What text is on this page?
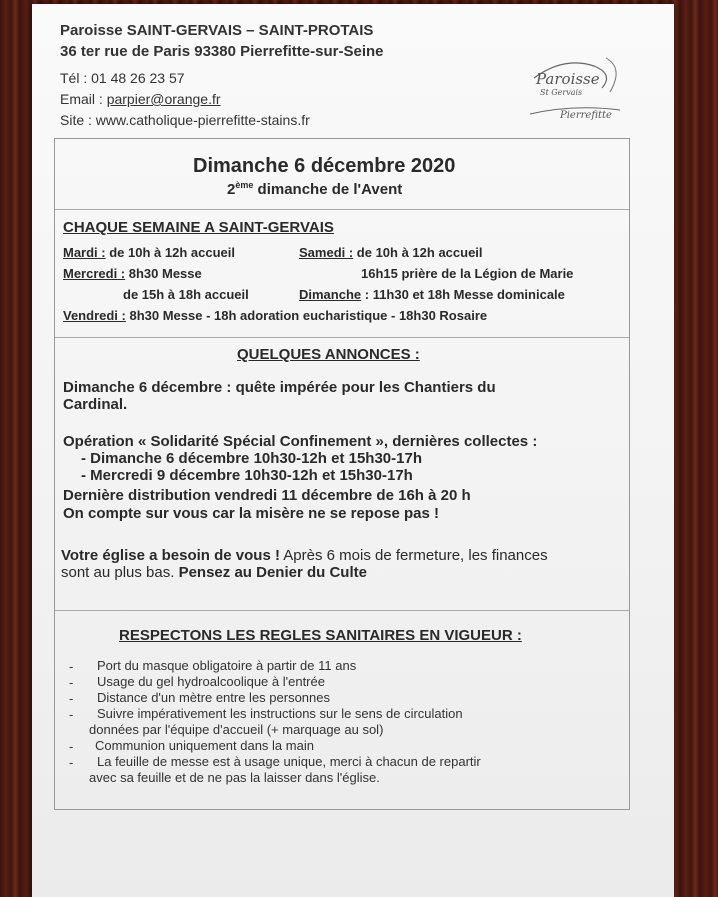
Paroisse SAINT-GERVAIS – SAINT-PROTAIS
36 ter rue de Paris 93380 Pierrefitte-sur-Seine
Tél : 01 48 26 23 57
Email : parpier@orange.fr
Site : www.catholique-pierrefitte-stains.fr
Paroisse
St Gervais
Pierrefitte
Dimanche 6 décembre 2020
2ème dimanche de l'Avent
CHAQUE SEMAINE A SAINT-GERVAIS
Mardi : de 10h à 12h accueil	Samedi : de 10h à 12h accueil
16h15 prière de la Légion de Marie
Mercredi : 8h30 Messe
de 15h à 18h accueil	Dimanche : 11h30 et 18h Messe dominicale
Vendredi : 8h30 Messe - 18h adoration eucharistique - 18h30 Rosaire
QUELQUES ANNONCES :
Dimanche 6 décembre : quête impérée pour les Chantiers du
Cardinal.
Opération « Solidarité Spécial Confinement », dernières collectes :
- Dimanche 6 décembre 10h30-12h et 15h30-17h
- Mercredi 9 décembre 10h30-12h et 15h30-17h
Dernière distribution vendredi 11 décembre de 16h à 20 h
On compte sur vous car la misère ne se repose pas !
Votre église a besoin de vous ! Après 6 mois de fermeture, les finances
sont au plus bas. Pensez au Denier du Culte
RESPECTONS LES REGLES SANITAIRES EN VIGUEUR :
- Port du masque obligatoire à partir de 11 ans
- Usage du gel hydroalcoolique à l'entrée
- Distance d'un mètre entre les personnes
- Suivre impérativement les instructions sur le sens de circulation
données par l'équipe d'accueil (+ marquage au sol)
- Communion uniquement dans la main
- La feuille de messe est à usage unique, merci à chacun de repartir
avec sa feuille et de ne pas la laisser dans l'église.
